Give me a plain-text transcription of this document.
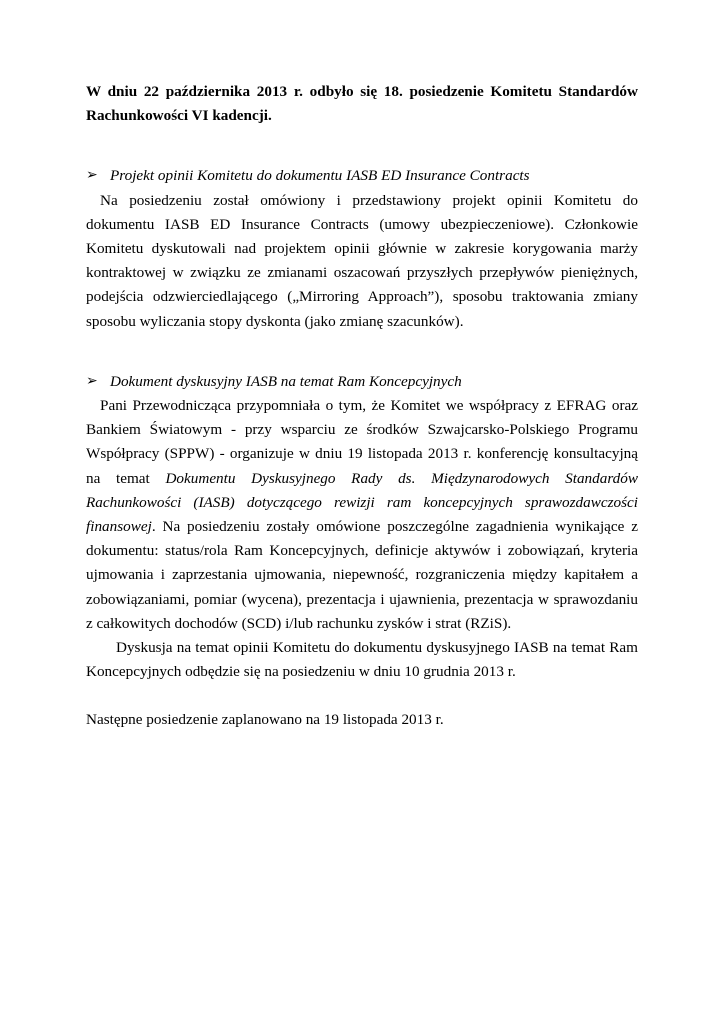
W dniu 22 października 2013 r. odbyło się 18. posiedzenie Komitetu Standardów Rachunkowości VI kadencji.

➢ Projekt opinii Komitetu do dokumentu IASB ED Insurance Contracts

Na posiedzeniu został omówiony i przedstawiony projekt opinii Komitetu do dokumentu IASB ED Insurance Contracts (umowy ubezpieczeniowe). Członkowie Komitetu dyskutowali nad projektem opinii głównie w zakresie korygowania marży kontraktowej w związku ze zmianami oszacowań przyszłych przepływów pieniężnych, podejścia odzwierciedlającego („Mirroring Approach”), sposobu traktowania zmiany sposobu wyliczania stopy dyskonta (jako zmianę szacunków).

➢ Dokument dyskusyjny IASB na temat Ram Koncepcyjnych

Pani Przewodnicząca przypomniała o tym, że Komitet we współpracy z EFRAG oraz Bankiem Światowym - przy wsparciu ze środków Szwajcarsko-Polskiego Programu Współpracy (SPPW) - organizuje w dniu 19 listopada 2013 r. konferencję konsultacyjną na temat Dokumentu Dyskusyjnego Rady ds. Międzynarodowych Standardów Rachunkowości (IASB) dotyczącego rewizji ram koncepcyjnych sprawozdawczości finansowej. Na posiedzeniu zostały omówione poszczególne zagadnienia wynikające z dokumentu: status/rola Ram Koncepcyjnych, definicje aktywów i zobowiązań, kryteria ujmowania i zaprzestania ujmowania, niepewność, rozgraniczenia między kapitałem a zobowiązaniami, pomiar (wycena), prezentacja i ujawnienia, prezentacja w sprawozdaniu z całkowitych dochodów (SCD) i/lub rachunku zysków i strat (RZiS).

Dyskusja na temat opinii Komitetu do dokumentu dyskusyjnego IASB na temat Ram Koncepcyjnych odbędzie się na posiedzeniu w dniu 10 grudnia 2013 r.

Następne posiedzenie zaplanowano na 19 listopada 2013 r.
